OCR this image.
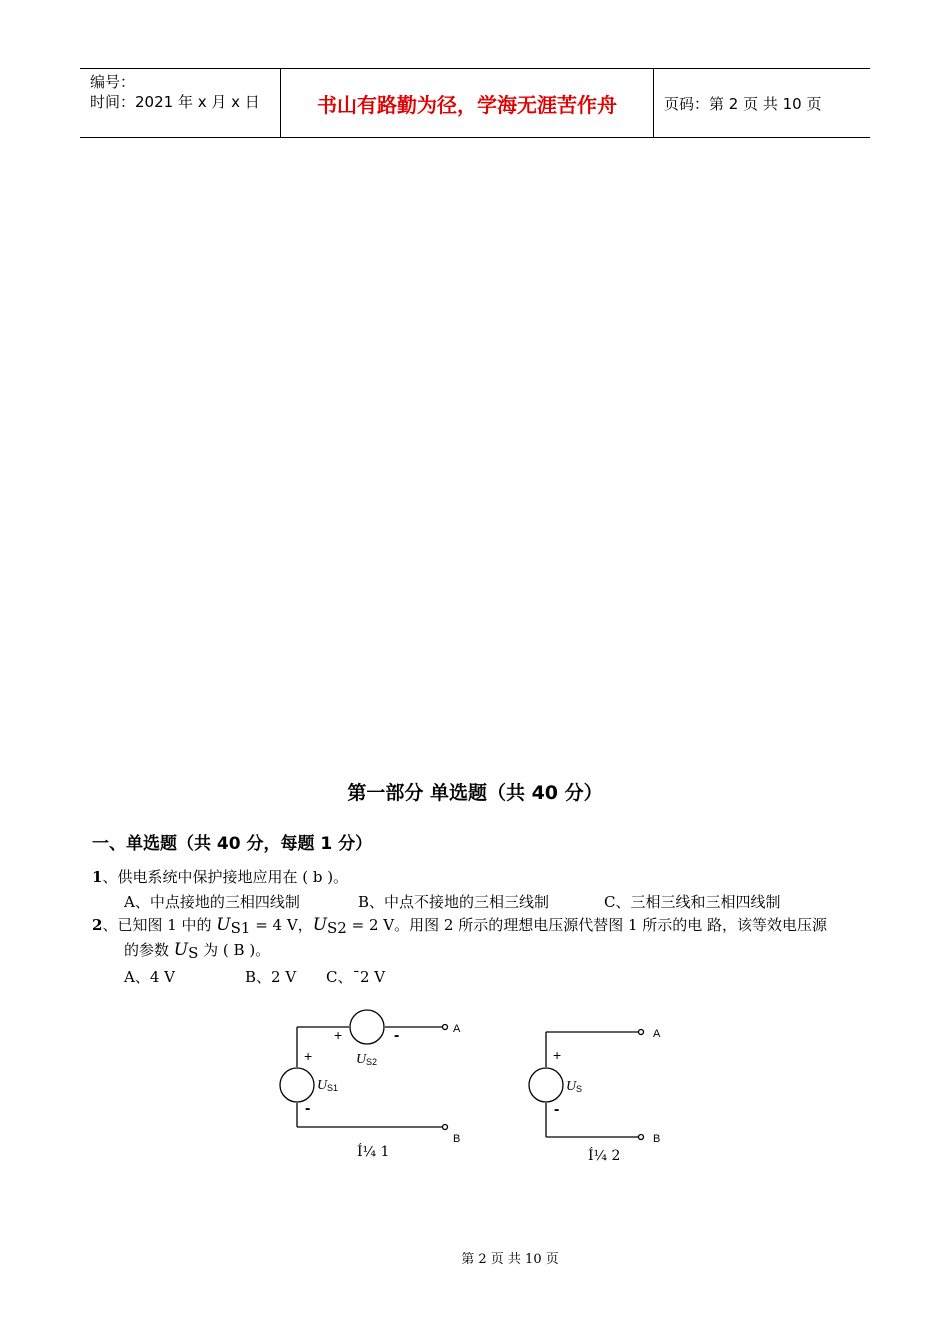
编号：
时间：2021 年 x 月 x 日	书山有路勤为径，学海无涯苦作舟	页码：第 2 页 共 10 页
第一部分 单选题（共 40 分）
一、单选题（共 40 分，每题 1 分）
1、供电系统中保护接地应用在 ( b )。
A、中点接地的三相四线制	B、中点不接地的三相三线制	C、三相三线和三相四线制
2、已知图 1 中的 US1 = 4 V，US2 = 2 V。用图 2 所示的理想电压源代替图 1 所示的电 路，该等效电压源
的参数 US 为 ( B )。
A、4 V	B、2 V C、ˉ2 V
+	-
U S2
+
-
U S1
A
B
Í¼ 1
+
-
U S
A
B
Í¼ 2
第 2 页 共 10 页
